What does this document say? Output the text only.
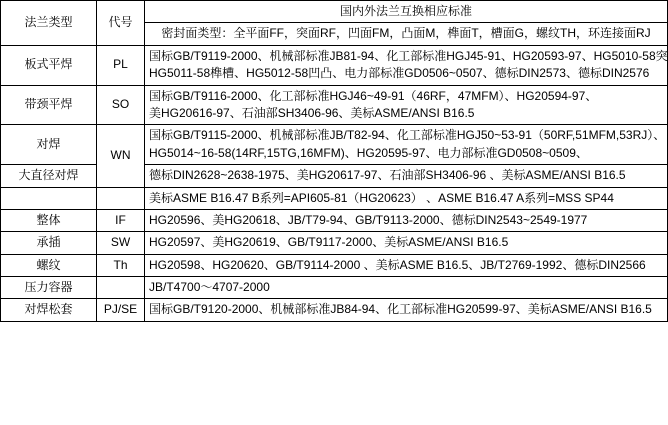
法兰类型	代号	国内外法兰互换相应标准
		密封面类型：全平面FF，突面RF，凹面FM，凸面M，榫面T，槽面G，螺纹TH，环连接面RJ
板式平焊	PL	国标GB/T9119-2000、机械部标准JB81-94、化工部标准HGJ45-91、HG20593-97、HG5010-58突
HG5011-58榫槽、HG5012-58凹凸、电力部标准GD0506~0507、德标DIN2573、德标DIN2576

带颈平焊	SO	国标GB/T9116-2000、化工部标准HGJ46~49-91（46RF，47MFM）、HG20594-97、
美HG20616-97、石油部SH3406-96、美标ASME/ANSI B16.5

对焊	WN	国标GB/T9115-2000、机械部标准JB/T82-94、化工部标准HGJ50~53-91（50RF,51MFM,53RJ）、
HG5014~16-58(14RF,15TG,16MFM)、HG20595-97、电力部标准GD0508~0509、

大直径对焊		德标DIN2628~2638-1975、美HG20617-97、石油部SH3406-96 、美标ASME/ANSI B16.5

		美标ASME B16.47 B系列=API605-81（HG20623） 、ASME B16.47 A系列=MSS SP44

整体	IF	HG20596、美HG20618、JB/T79-94、GB/T9113-2000、德标DIN2543~2549-1977

承插	SW	HG20597、美HG20619、GB/T9117-2000、美标ASME/ANSI B16.5

螺纹	Th	HG20598、HG20620、GB/T9114-2000 、美标ASME B16.5、JB/T2769-1992、德标DIN2566

压力容器		JB/T4700～4707-2000

对焊松套	PJ/SE	国标GB/T9120-2000、机械部标准JB84-94、化工部标准HG20599-97、美标ASME/ANSI B16.5
